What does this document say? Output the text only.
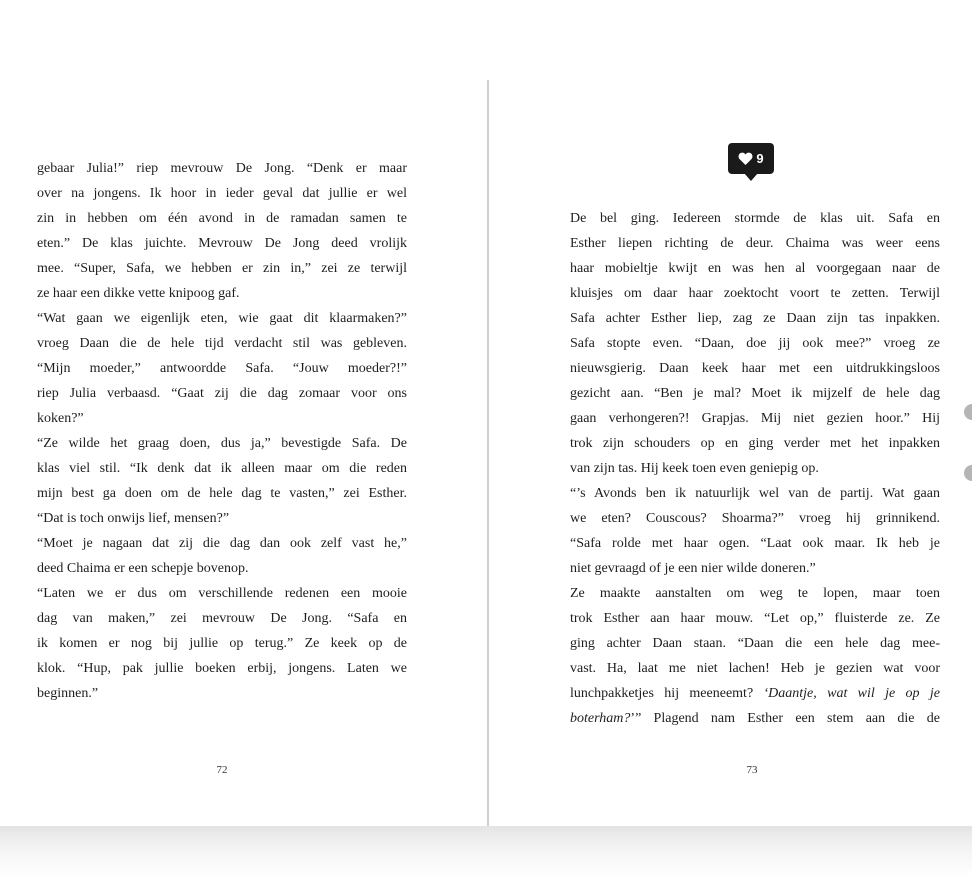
gebaar Julia!” riep mevrouw De Jong. “Denk er maar
over na jongens. Ik hoor in ieder geval dat jullie er wel
zin in hebben om één avond in de ramadan samen te
eten.” De klas juichte. Mevrouw De Jong deed vrolijk
mee. “Super, Safa, we hebben er zin in,” zei ze terwijl
ze haar een dikke vette knipoog gaf.
“Wat gaan we eigenlijk eten, wie gaat dit klaarmaken?”
vroeg Daan die de hele tijd verdacht stil was gebleven.
“Mijn moeder,” antwoordde Safa. “Jouw moeder?!”
riep Julia verbaasd. “Gaat zij die dag zomaar voor ons
koken?”
“Ze wilde het graag doen, dus ja,” bevestigde Safa. De
klas viel stil. “Ik denk dat ik alleen maar om die reden
mijn best ga doen om de hele dag te vasten,” zei Esther.
“Dat is toch onwijs lief, mensen?”
“Moet je nagaan dat zij die dag dan ook zelf vast he,”
deed Chaima er een schepje bovenop.
“Laten we er dus om verschillende redenen een mooie
dag van maken,” zei mevrouw De Jong. “Safa en
ik komen er nog bij jullie op terug.” Ze keek op de
klok. “Hup, pak jullie boeken erbij, jongens. Laten we
beginnen.”
72
9
De bel ging. Iedereen stormde de klas uit. Safa en
Esther liepen richting de deur. Chaima was weer eens
haar mobieltje kwijt en was hen al voorgegaan naar de
kluisjes om daar haar zoektocht voort te zetten. Terwijl
Safa achter Esther liep, zag ze Daan zijn tas inpakken.
Safa stopte even. “Daan, doe jij ook mee?” vroeg ze
nieuwsgierig. Daan keek haar met een uitdrukkingsloos
gezicht aan. “Ben je mal? Moet ik mijzelf de hele dag
gaan verhongeren?! Grapjas. Mij niet gezien hoor.” Hij
trok zijn schouders op en ging verder met het inpakken
van zijn tas. Hij keek toen even geniepig op.
“’s Avonds ben ik natuurlijk wel van de partij. Wat gaan
we eten? Couscous? Shoarma?” vroeg hij grinnikend.
“Safa rolde met haar ogen. “Laat ook maar. Ik heb je
niet gevraagd of je een nier wilde doneren.”
Ze maakte aanstalten om weg te lopen, maar toen
trok Esther aan haar mouw. “Let op,” fluisterde ze. Ze
ging achter Daan staan. “Daan die een hele dag mee-
vast. Ha, laat me niet lachen! Heb je gezien wat voor
lunchpakketjes hij meeneemt? ‘Daantje, wat wil je op je
boterham?’” Plagend nam Esther een stem aan die de
73
